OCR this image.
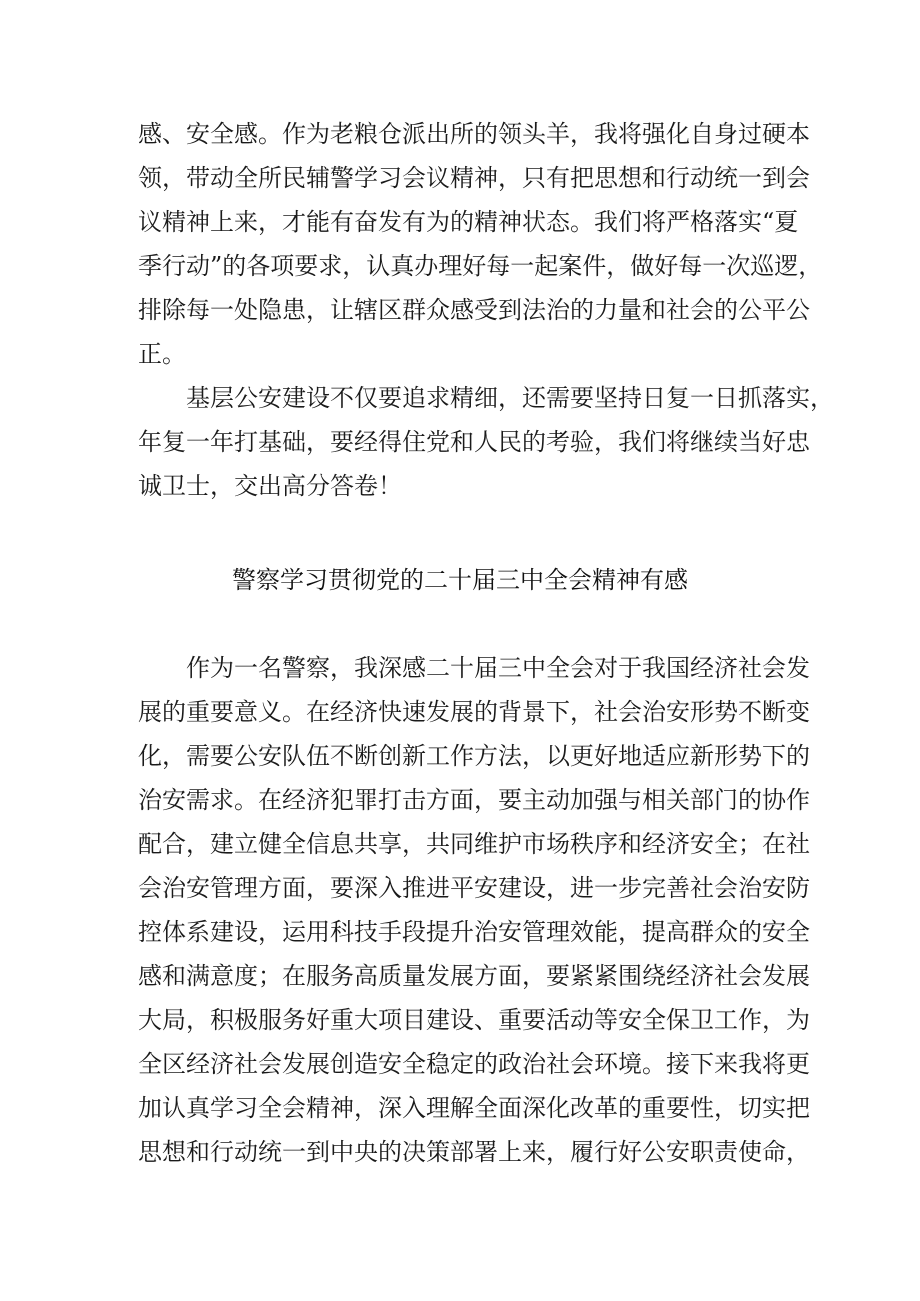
感、安全感。作为老粮仓派出所的领头羊，我将强化自身过硬本
领，带动全所民辅警学习会议精神，只有把思想和行动统一到会
议精神上来，才能有奋发有为的精神状态。我们将严格落实“夏
季行动”的各项要求，认真办理好每一起案件，做好每一次巡逻，
排除每一处隐患，让辖区群众感受到法治的力量和社会的公平公
正。
　　基层公安建设不仅要追求精细，还需要坚持日复一日抓落实，
年复一年打基础，要经得住党和人民的考验，我们将继续当好忠
诚卫士，交出高分答卷！
警察学习贯彻党的二十届三中全会精神有感
　　作为一名警察，我深感二十届三中全会对于我国经济社会发
展的重要意义。在经济快速发展的背景下，社会治安形势不断变
化，需要公安队伍不断创新工作方法，以更好地适应新形势下的
治安需求。在经济犯罪打击方面，要主动加强与相关部门的协作
配合，建立健全信息共享，共同维护市场秩序和经济安全；在社
会治安管理方面，要深入推进平安建设，进一步完善社会治安防
控体系建设，运用科技手段提升治安管理效能，提高群众的安全
感和满意度；在服务高质量发展方面，要紧紧围绕经济社会发展
大局，积极服务好重大项目建设、重要活动等安全保卫工作，为
全区经济社会发展创造安全稳定的政治社会环境。接下来我将更
加认真学习全会精神，深入理解全面深化改革的重要性，切实把
思想和行动统一到中央的决策部署上来，履行好公安职责使命，
